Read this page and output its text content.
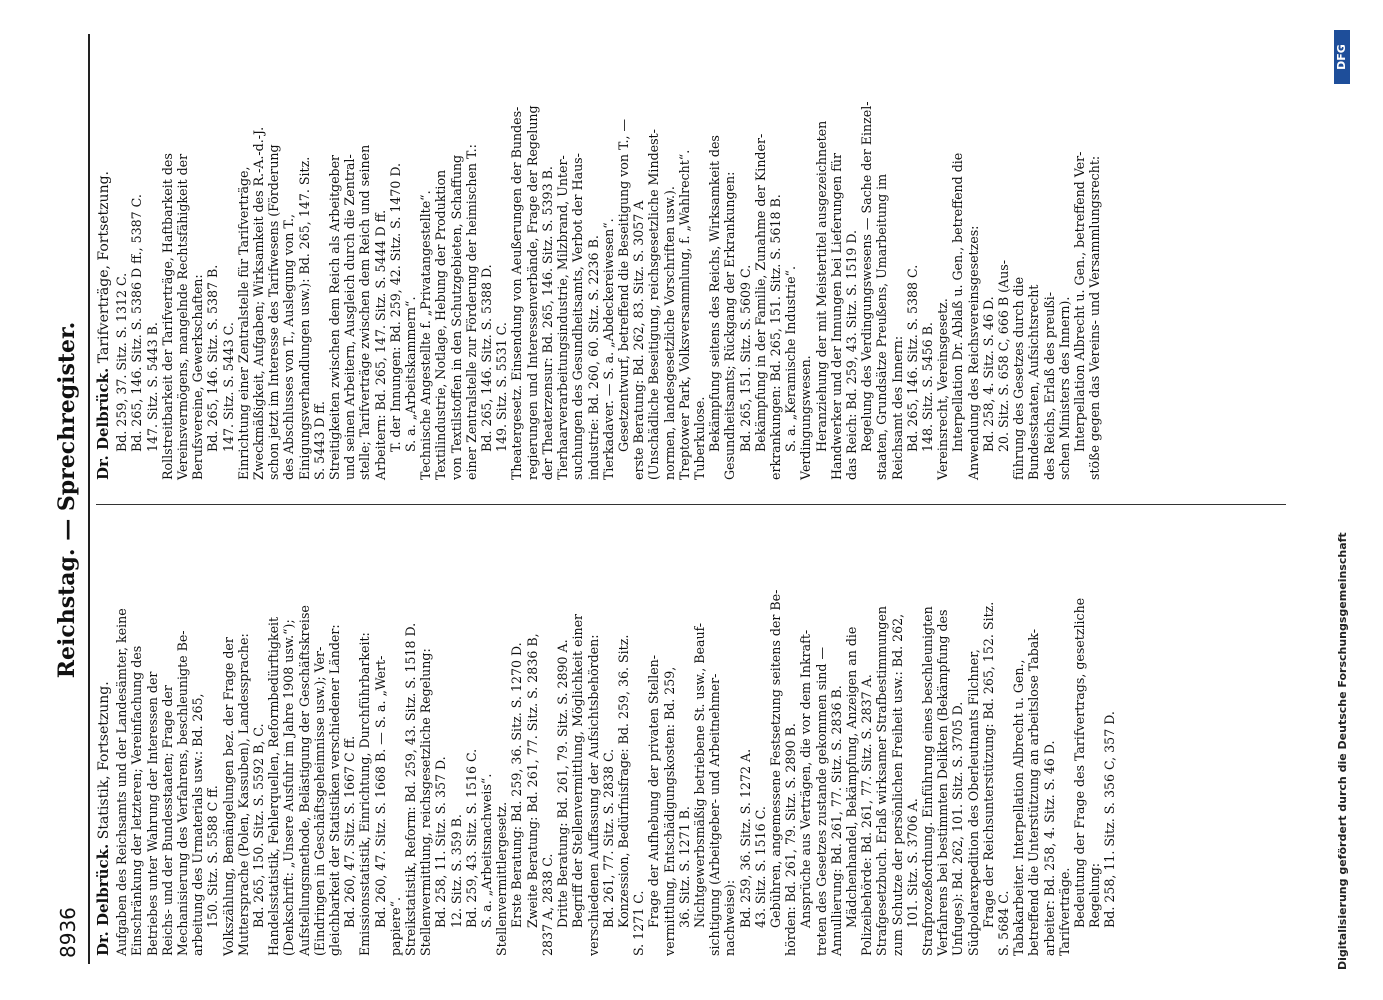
8936
Reichstag. — Sprechregister.
Dr. Delbrück. Statistik, Fortsetzung. Aufgaben des Reichsamts und der Landesämter, keine Einschränkung der letzteren; Vereinfachung des Betriebes unter Wahrung der Interessen der Reichs- und der Bundesstaaten; Frage der Mechanisierung des Verfahrens, beschleunigte Be- arbeitung des Urmaterials usw.: Bd. 265, 150. Sitz. S. 5588 C ff. Volkszählung, Bemängelungen bez. der Frage der Muttersprache (Polen, Kassuben), Landessprache: Bd. 265, 150. Sitz. S. 5592 B, C. Handelsstatistik, Fehlerquellen, Reformbedürftigkeit (Denkschrift: „Unsere Ausfuhr im Jahre 1908 usw.“); Aufstellungsmethode, Belästigung der Geschäftskreise (Eindringen in Geschäftsgeheimnisse usw.); Ver- gleichbarkeit der Statistiken verschiedener Länder: Bd. 260, 47. Sitz. S. 1667 C ff. Emissionsstatistik, Einrichtung, Durchführbarkeit: Bd. 260, 47. Sitz. S. 1668 B. — S. a. „Wert- papiere“. Streikstatistik, Reform: Bd. 259, 43. Sitz. S. 1518 D. Stellenvermittlung, reichsgesetzliche Regelung: Bd. 258, 11. Sitz. S. 357 D. 12. Sitz. S. 359 B. Bd. 259, 43. Sitz. S. 1516 C. S. a. „Arbeitsnachweis“. Stellenvermittlergesetz. Erste Beratung: Bd. 259, 36. Sitz. S. 1270 D. Zweite Beratung: Bd. 261, 77. Sitz. S. 2836 B, 2837 A, 2838 C. Dritte Beratung: Bd. 261, 79. Sitz. S. 2890 A. Begriff der Stellenvermittlung, Möglichkeit einer verschiedenen Auffassung der Aufsichtsbehörden: Bd. 261, 77. Sitz. S. 2838 C. Konzession, Bedürfnisfrage: Bd. 259, 36. Sitz. S. 1271 C. Frage der Aufhebung der privaten Stellen- vermittlung, Entschädigungskosten: Bd. 259, 36. Sitz. S. 1271 B. Nichtgewerbsmäßig betriebene St. usw., Beauf- sichtigung (Arbeitgeber- und Arbeitnehmer- nachweise): Bd. 259, 36. Sitz. S. 1272 A. 43. Sitz. S. 1516 C. Gebühren, angemessene Festsetzung seitens der Be- hörden: Bd. 261, 79. Sitz. S. 2890 B. Ansprüche aus Verträgen, die vor dem Inkraft- treten des Gesetzes zustande gekommen sind — Annullierung: Bd. 261, 77. Sitz. S. 2836 B. Mädchenhandel, Bekämpfung, Anzeigen an die Polizeibehörde: Bd. 261, 77. Sitz. S. 2837 A. Strafgesetzbuch. Erlaß wirksamer Strafbestimmungen zum Schutze der persönlichen Freiheit usw.: Bd. 262, 101. Sitz. S. 3706 A. Strafprozeßordnung. Einführung eines beschleunigten Verfahrens bei bestimmten Delikten (Bekämpfung des Unfuges): Bd. 262, 101. Sitz. S. 3705 D. Südpolarexpedition des Oberleutnants Filchner, Frage der Reichsunterstützung: Bd. 265, 152. Sitz. S. 5684 C. Tabakarbeiter. Interpellation Albrecht u. Gen., betreffend die Unterstützung an arbeitslose Tabak- arbeiter: Bd. 258, 4. Sitz. S. 46 D. Tarifverträge. Bedeutung der Frage des Tarifvertrags, gesetzliche Regelung: Bd. 258, 11. Sitz. S. 356 C, 357 D.
Dr. Delbrück. Tarifverträge, Fortsetzung. Bd. 259, 37. Sitz. S. 1312 C. Bd. 265, 146. Sitz. S. 5386 D ff., 5387 C. 147. Sitz. S. 5443 B. Rollstreitbarkeit der Tarifverträge, Haftbarkeit des Vereinsvermögens, mangelnde Rechtsfähigkeit der Berufsvereine, Gewerkschaften: Bd. 265, 146. Sitz. S. 5387 B. 147. Sitz. S. 5443 C. Einrichtung einer Zentralstelle für Tarifverträge, Zweckmäßigkeit, Aufgaben; Wirksamkeit des R.-A.-d.-J. schon jetzt im Interesse des Tarifwesens (Förderung des Abschlusses von T., Auslegung von T., Einigungsverhandlungen usw.): Bd. 265, 147. Sitz. S. 5443 D ff. Streitigkeiten zwischen dem Reich als Arbeitgeber und seinen Arbeitern, Ausgleich durch die Zentral- stelle; Tarifverträge zwischen dem Reich und seinen Arbeitern: Bd. 265, 147. Sitz. S. 5444 D ff. T. der Innungen: Bd. 259, 42. Sitz. S. 1470 D. S. a. „Arbeitskammern“. Technische Angestellte f. „Privatangestellte“. Textilindustrie, Notlage, Hebung der Produktion von Textilstoffen in den Schutzgebieten, Schaffung einer Zentralstelle zur Förderung der heimischen T.: Bd. 265, 146. Sitz. S. 5388 D. 149. Sitz. S. 5531 C. Theatergesetz. Einsendung von Aeußerungen der Bundes- regierungen und Interessenverbände, Frage der Regelung der Theaterzensur: Bd. 265, 146. Sitz. S. 5393 B. Tierhaarverarbeitungsindustrie, Milzbrand, Unter- suchungen des Gesundheitsamts, Verbot der Haus- industrie: Bd. 260, 60. Sitz. S. 2236 B. Tierkadaver. — S. a. „Abdeckereiwesen“. Gesetzentwurf, betreffend die Beseitigung von T., — erste Beratung: Bd. 262, 83. Sitz. S. 3057 A (Unschädliche Beseitigung, reichsgesetzliche Mindest- normen, landesgesetzliche Vorschriften usw.). Treptower Park, Volksversammlung, f. „Wahlrecht“. Tuberkulose. Bekämpfung seitens des Reichs, Wirksamkeit des Gesundheitsamts; Rückgang der Erkrankungen: Bd. 265, 151. Sitz. S. 5609 C. Bekämpfung in der Familie, Zunahme der Kinder- erkrankungen: Bd. 265, 151. Sitz. S. 5618 B. S. a. „Keramische Industrie“. Verdingungswesen. Heranziehung der mit Meistertitel ausgezeichneten Handwerker und der Innungen bei Lieferungen für das Reich: Bd. 259, 43. Sitz. S. 1519 D. Regelung des Verdingungswesens — Sache der Einzel- staaten, Grundsätze Preußens, Umarbeitung im Reichsamt des Innern: Bd. 265, 146. Sitz. S. 5388 C. 148. Sitz. S. 5456 B. Vereinsrecht, Vereinsgesetz. Interpellation Dr. Ablaß u. Gen., betreffend die Anwendung des Reichsvereinsgesetzes: Bd. 258, 4. Sitz. S. 46 D. 20. Sitz. S. 658 C, 666 B (Aus- führung des Gesetzes durch die Bundesstaaten, Aufsichtsrecht des Reichs, Erlaß des preußi- schen Ministers des Innern). Interpellation Albrecht u. Gen., betreffend Ver- stöße gegen das Vereins- und Versammlungsrecht:
Digitalisierung gefördert durch die Deutsche Forschungsgemeinschaft
DFG
